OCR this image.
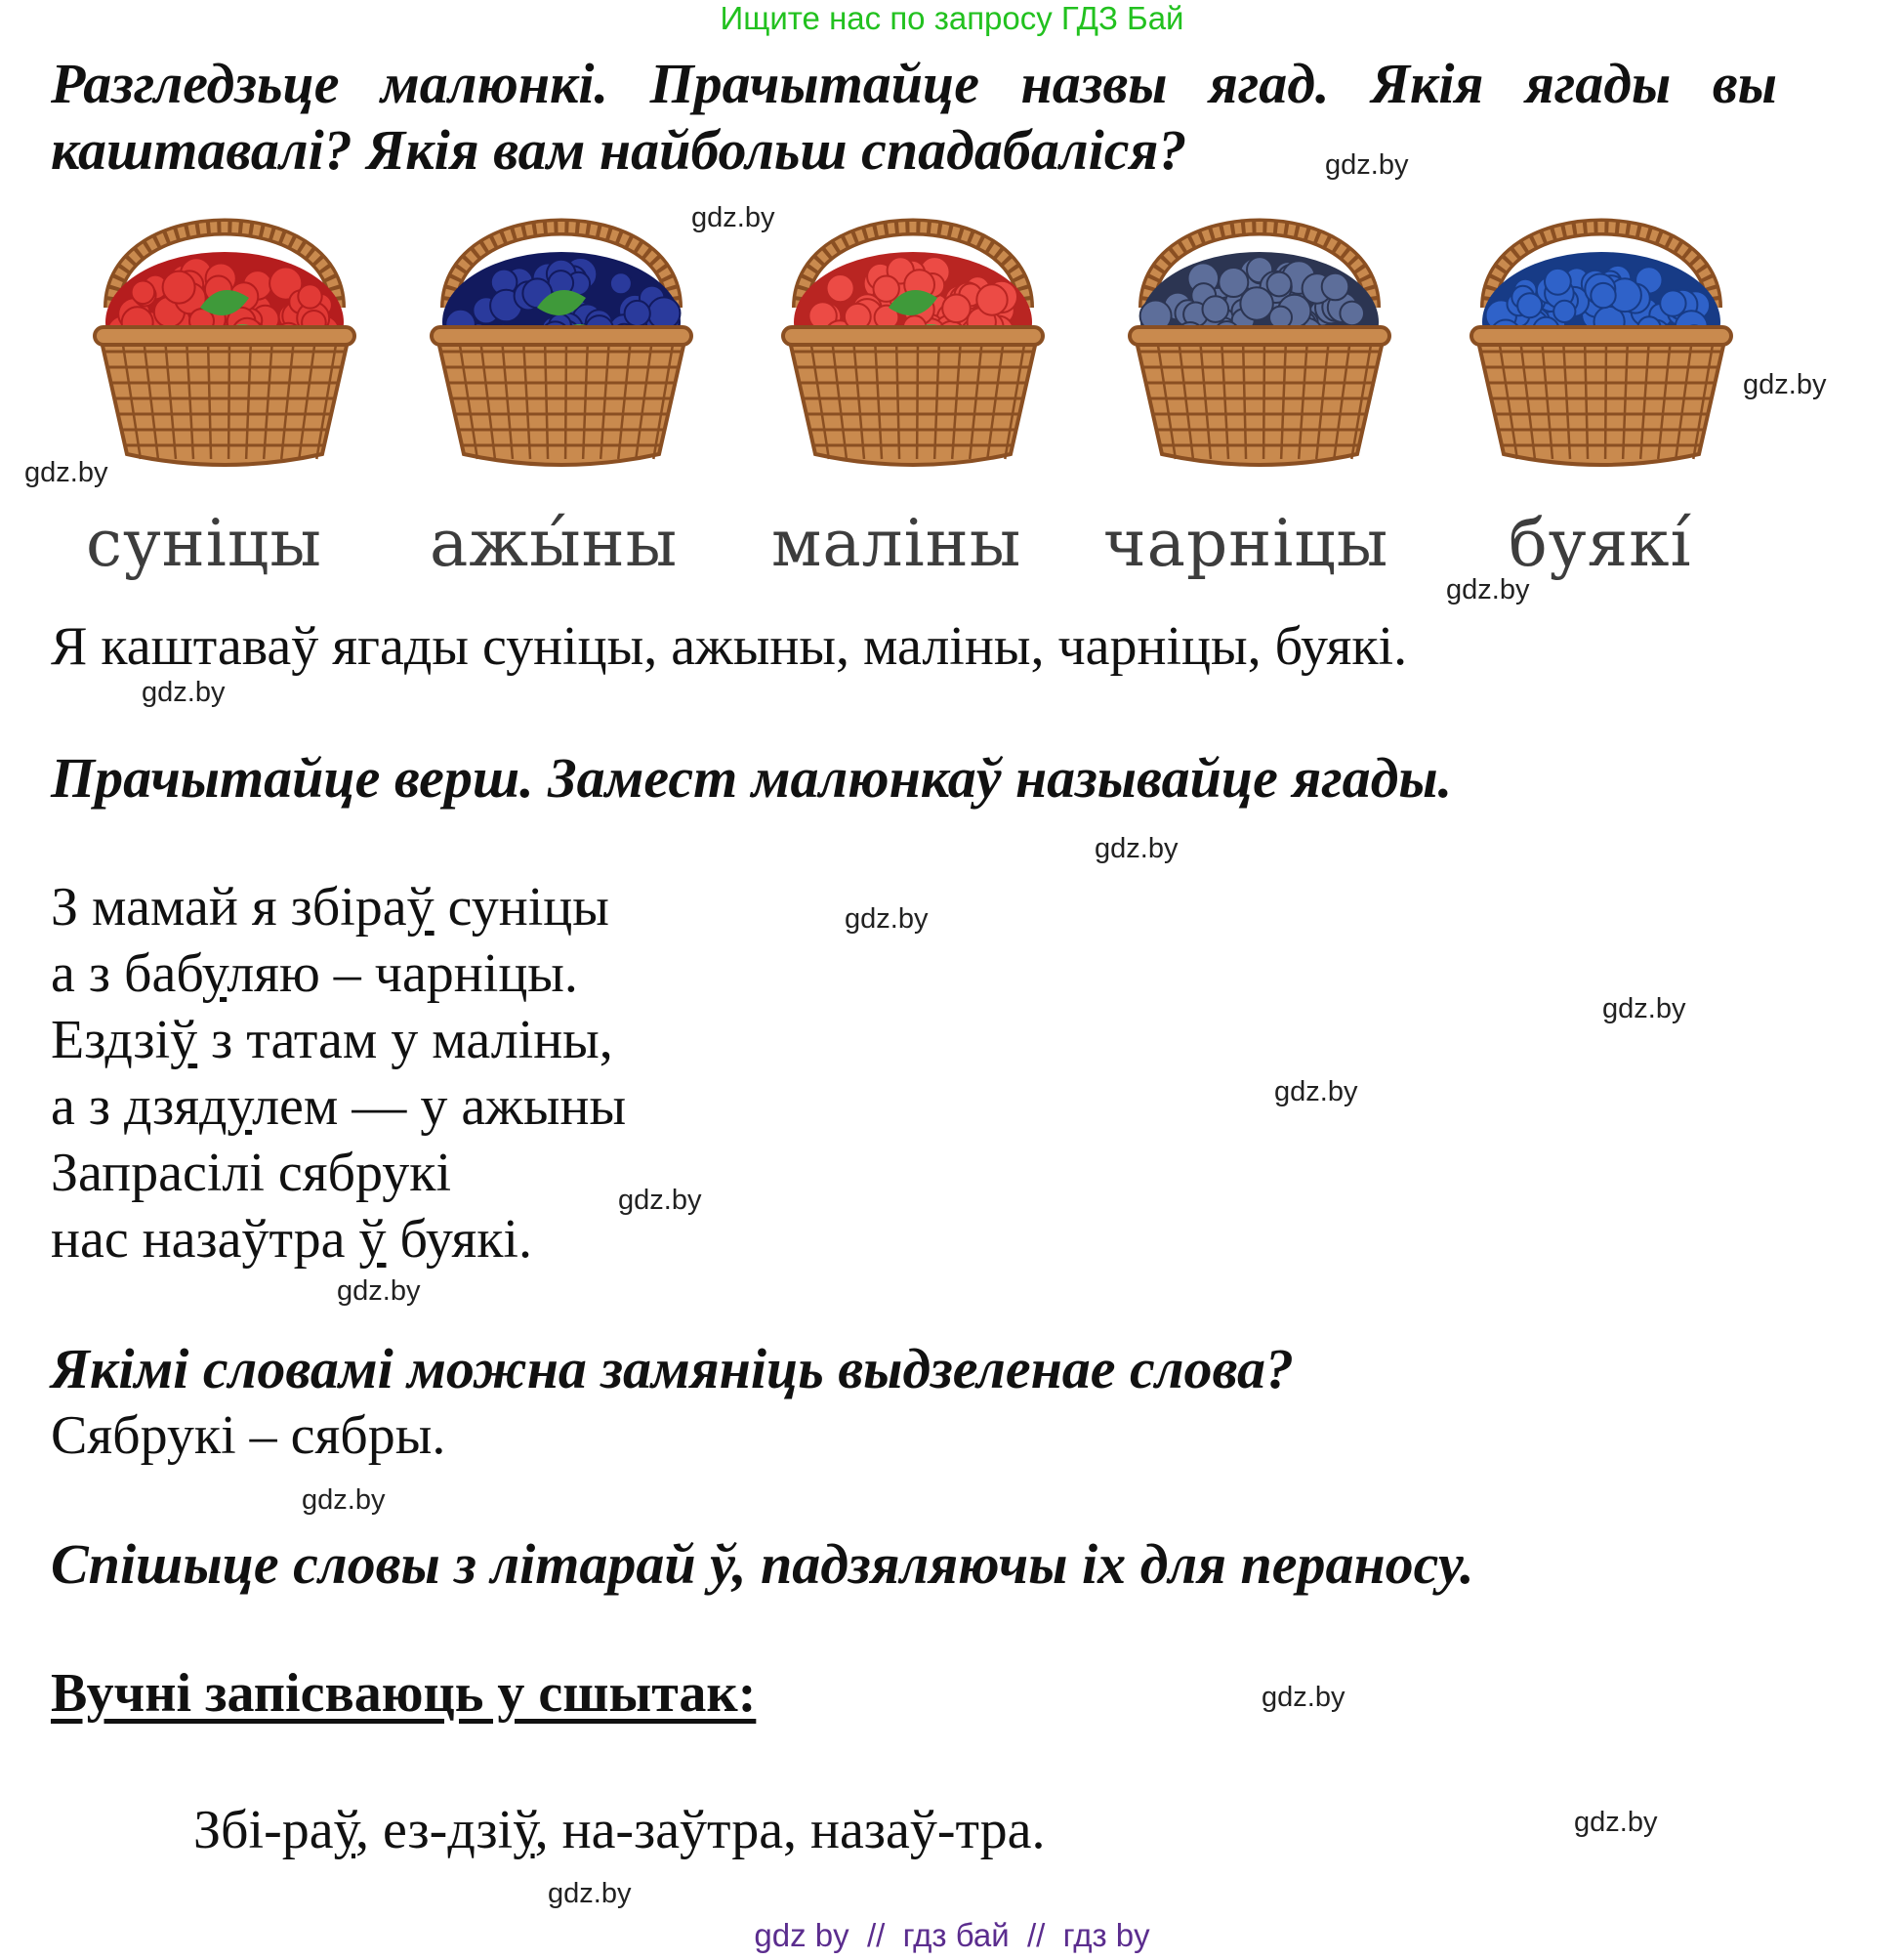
Ищите нас по запросу ГДЗ Бай
Разгледзьце малюнкі. Прачытайце назвы ягад. Якія ягады вы
каштавалі? Якія вам найбольш спадабаліся?
суніцы ажы́ны маліны чарніцы буякі́
Я каштаваў ягады суніцы, ажыны, маліны, чарніцы, буякі.
Прачытайце верш. Замест малюнкаў называйце ягады.
З мамай я збіраў суніцы
а з бабуляю – чарніцы.
Ездзіў з татам у маліны,
а з дзядулем — у ажыны
Запрасілі сябрукі
нас назаўтра ў буякі.
Якімі словамі можна замяніць выдзеленае слова?
Сябрукі – сябры.
Спішыце словы з літарай ў, падзяляючы іх для пераносу.
Вучні запісваюць у сшытак:
Збі-раў, ез-дзіў, на-заўтра, назаў-тра.
gdz.by
gdz.by
gdz.by
gdz.by
gdz.by
gdz.by
gdz.by
gdz.by
gdz.by
gdz.by
gdz.by
gdz.by
gdz.by
gdz.by
gdz.by
gdz.by
gdz by  //  гдз бай  //  гдз by
